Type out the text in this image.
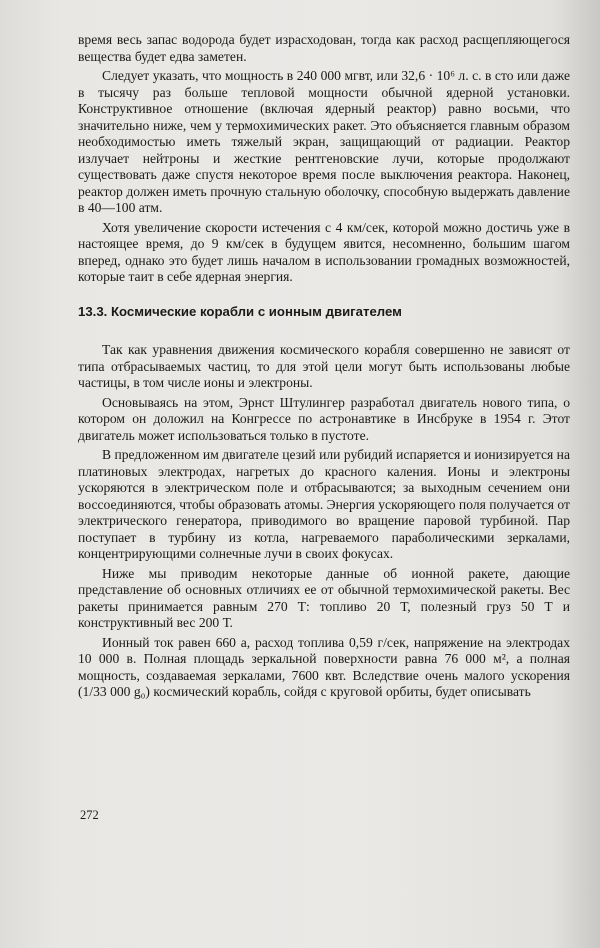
время весь запас водорода будет израсходован, тогда как расход расщепляющегося вещества будет едва заметен.

Следует указать, что мощность в 240 000 мгвт, или 32,6 · 10⁶ л. с. в сто или даже в тысячу раз больше тепловой мощности обычной ядерной установки. Конструктивное отношение (включая ядерный реактор) равно восьми, что значительно ниже, чем у термохимических ракет. Это объясняется главным образом необходимостью иметь тяжелый экран, защищающий от радиации. Реактор излучает нейтроны и жесткие рентгеновские лучи, которые продолжают существовать даже спустя некоторое время после выключения реактора. Наконец, реактор должен иметь прочную стальную оболочку, способную выдержать давление в 40—100 атм.

Хотя увеличение скорости истечения с 4 км/сек, которой можно достичь уже в настоящее время, до 9 км/сек в будущем явится, несомненно, большим шагом вперед, однако это будет лишь началом в использовании громадных возможностей, которые таит в себе ядерная энергия.

13.3. Космические корабли с ионным двигателем

Так как уравнения движения космического корабля совершенно не зависят от типа отбрасываемых частиц, то для этой цели могут быть использованы любые частицы, в том числе ионы и электроны.

Основываясь на этом, Эрнст Штулингер разработал двигатель нового типа, о котором он доложил на Конгрессе по астронавтике в Инсбруке в 1954 г. Этот двигатель может использоваться только в пустоте.

В предложенном им двигателе цезий или рубидий испаряется и ионизируется на платиновых электродах, нагретых до красного каления. Ионы и электроны ускоряются в электрическом поле и отбрасываются; за выходным сечением они воссоединяются, чтобы образовать атомы. Энергия ускоряющего поля получается от электрического генератора, приводимого во вращение паровой турбиной. Пар поступает в турбину из котла, нагреваемого параболическими зеркалами, концентрирующими солнечные лучи в своих фокусах.

Ниже мы приводим некоторые данные об ионной ракете, дающие представление об основных отличиях ее от обычной термохимической ракеты. Вес ракеты принимается равным 270 Т: топливо 20 Т, полезный груз 50 Т и конструктивный вес 200 Т.

Ионный ток равен 660 а, расход топлива 0,59 г/сек, напряжение на электродах 10 000 в. Полная площадь зеркальной поверхности равна 76 000 м², а полная мощность, создаваемая зеркалами, 7600 квт. Вследствие очень малого ускорения (1/33 000 g₀) космический корабль, сойдя с круговой орбиты, будет описывать

272
